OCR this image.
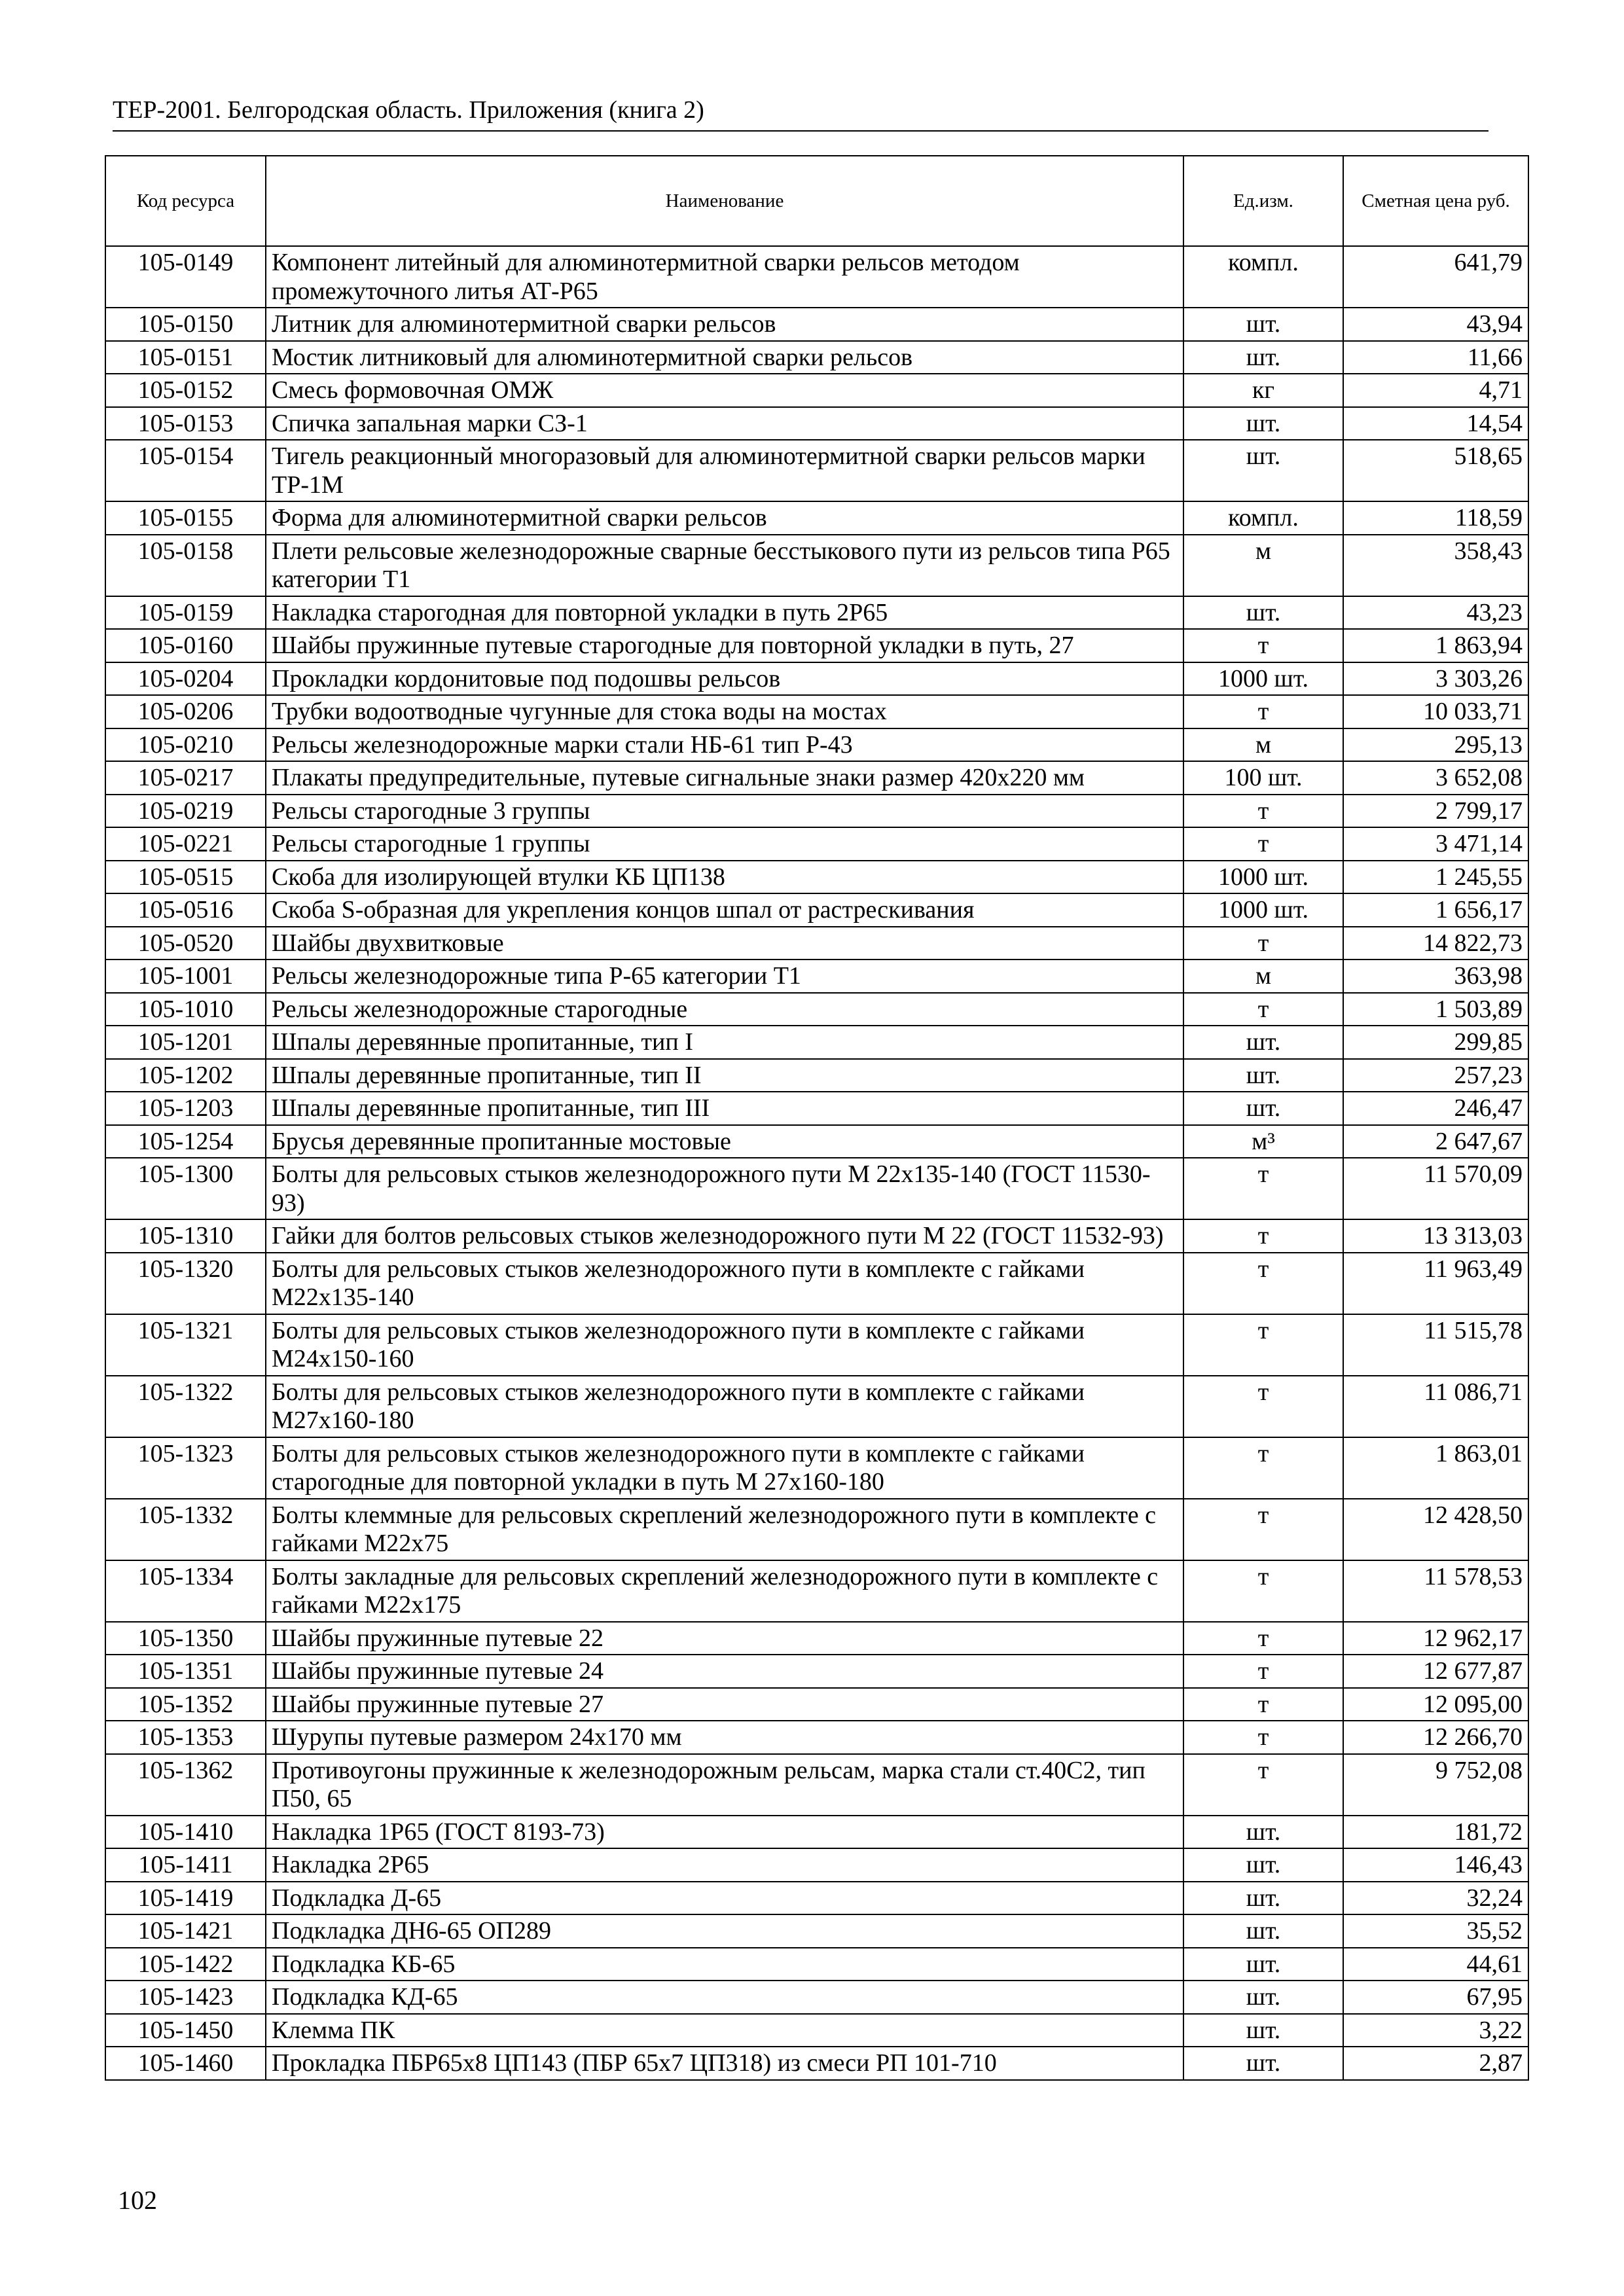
ТЕР-2001. Белгородская область. Приложения (книга 2)
Код ресурса	Наименование	Ед.изм.	Сметная цена руб.
105-0149	Компонент литейный для алюминотермитной сварки рельсов методом промежуточного литья АТ-Р65	компл.	641,79
105-0150	Литник для алюминотермитной сварки рельсов	шт.	43,94
105-0151	Мостик литниковый для алюминотермитной сварки рельсов	шт.	11,66
105-0152	Смесь формовочная ОМЖ	кг	4,71
105-0153	Спичка запальная марки СЗ-1	шт.	14,54
105-0154	Тигель реакционный многоразовый для алюминотермитной сварки рельсов марки ТР-1М	шт.	518,65
105-0155	Форма для алюминотермитной сварки рельсов	компл.	118,59
105-0158	Плети рельсовые железнодорожные сварные бесстыкового пути из рельсов типа Р65 категории Т1	м	358,43
105-0159	Накладка старогодная для повторной укладки в путь 2Р65	шт.	43,23
105-0160	Шайбы пружинные путевые старогодные для повторной укладки в путь, 27	т	1 863,94
105-0204	Прокладки кордонитовые под подошвы рельсов	1000 шт.	3 303,26
105-0206	Трубки водоотводные чугунные для стока воды на мостах	т	10 033,71
105-0210	Рельсы железнодорожные марки стали НБ-61 тип Р-43	м	295,13
105-0217	Плакаты предупредительные, путевые сигнальные знаки размер 420х220 мм	100 шт.	3 652,08
105-0219	Рельсы старогодные 3 группы	т	2 799,17
105-0221	Рельсы старогодные 1 группы	т	3 471,14
105-0515	Скоба для изолирующей втулки КБ ЦП138	1000 шт.	1 245,55
105-0516	Скоба S-образная для укрепления концов шпал от растрескивания	1000 шт.	1 656,17
105-0520	Шайбы двухвитковые	т	14 822,73
105-1001	Рельсы железнодорожные типа Р-65 категории Т1	м	363,98
105-1010	Рельсы железнодорожные старогодные	т	1 503,89
105-1201	Шпалы деревянные пропитанные, тип I	шт.	299,85
105-1202	Шпалы деревянные пропитанные, тип II	шт.	257,23
105-1203	Шпалы деревянные пропитанные, тип III	шт.	246,47
105-1254	Брусья деревянные пропитанные мостовые	м³	2 647,67
105-1300	Болты для рельсовых стыков железнодорожного пути М 22х135-140 (ГОСТ 11530-93)	т	11 570,09
105-1310	Гайки для болтов рельсовых стыков железнодорожного пути М 22 (ГОСТ 11532-93)	т	13 313,03
105-1320	Болты для рельсовых стыков железнодорожного пути в комплекте с гайками М22х135-140	т	11 963,49
105-1321	Болты для рельсовых стыков железнодорожного пути в комплекте с гайками М24х150-160	т	11 515,78
105-1322	Болты для рельсовых стыков железнодорожного пути в комплекте с гайками М27х160-180	т	11 086,71
105-1323	Болты для рельсовых стыков железнодорожного пути в комплекте с гайками старогодные для повторной укладки в путь М 27х160-180	т	1 863,01
105-1332	Болты клеммные для рельсовых скреплений железнодорожного пути в комплекте с гайками М22х75	т	12 428,50
105-1334	Болты закладные для рельсовых скреплений железнодорожного пути в комплекте с гайками М22х175	т	11 578,53
105-1350	Шайбы пружинные путевые 22	т	12 962,17
105-1351	Шайбы пружинные путевые 24	т	12 677,87
105-1352	Шайбы пружинные путевые 27	т	12 095,00
105-1353	Шурупы путевые размером 24х170 мм	т	12 266,70
105-1362	Противоугоны пружинные к железнодорожным рельсам, марка стали ст.40С2, тип П50, 65	т	9 752,08
105-1410	Накладка 1Р65 (ГОСТ 8193-73)	шт.	181,72
105-1411	Накладка 2Р65	шт.	146,43
105-1419	Подкладка Д-65	шт.	32,24
105-1421	Подкладка ДН6-65 ОП289	шт.	35,52
105-1422	Подкладка КБ-65	шт.	44,61
105-1423	Подкладка КД-65	шт.	67,95
105-1450	Клемма ПК	шт.	3,22
105-1460	Прокладка ПБР65х8 ЦП143 (ПБР 65х7 ЦП318) из смеси РП 101-710	шт.	2,87
102
